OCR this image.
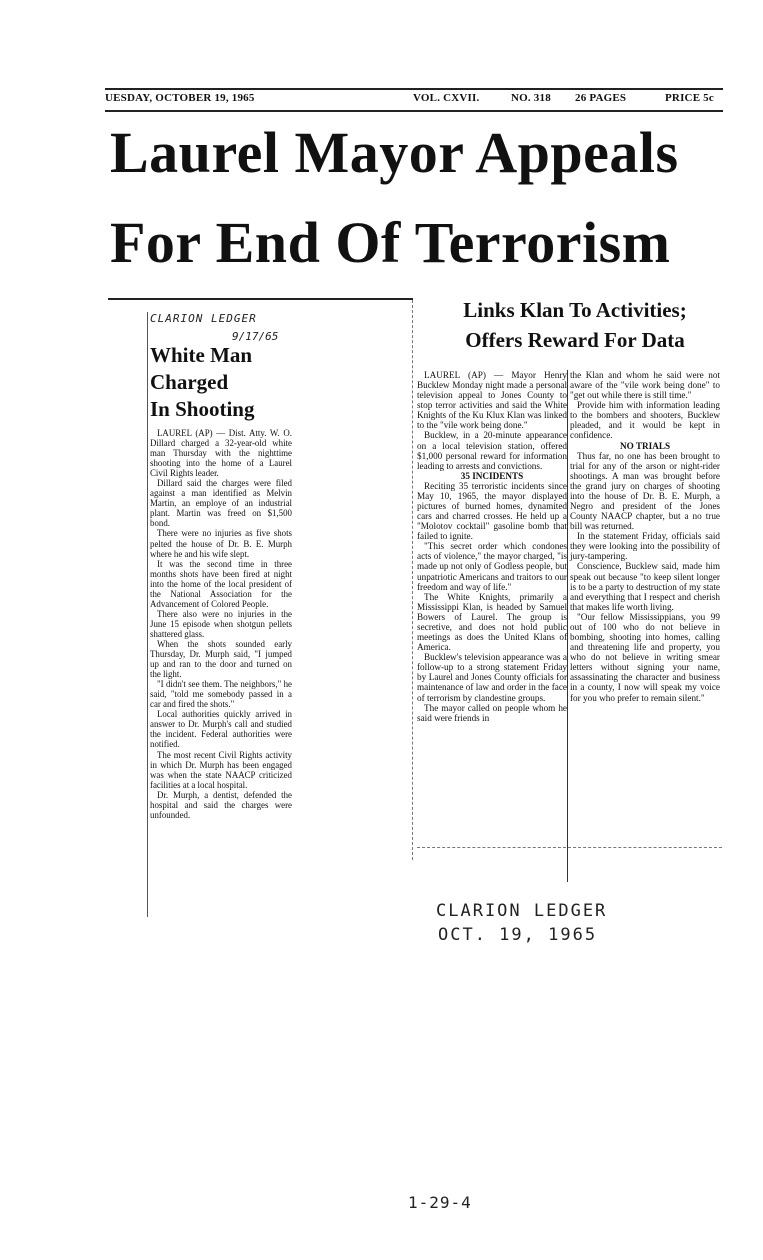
UESDAY, OCTOBER 19, 1965	VOL. CXVII.	NO. 318 26 PAGES	PRICE 5c
Laurel Mayor Appeals
For End Of Terrorism
CLARION LEDGER
9/17/65
White Man
Charged
In Shooting

LAUREL (AP) — Dist. Atty. W. O. Dillard charged a 32-year-old white man Thursday with the nighttime shooting into the home of a Laurel Civil Rights leader.

Dillard said the charges were filed against a man identified as Melvin Martin, an employe of an industrial plant. Martin was freed on $1,500 bond.

There were no injuries as five shots pelted the house of Dr. B. E. Murph where he and his wife slept.

It was the second time in three months shots have been fired at night into the home of the local president of the National Association for the Advancement of Colored People.

There also were no injuries in the June 15 episode when shotgun pellets shattered glass.

When the shots sounded early Thursday, Dr. Murph said, "I jumped up and ran to the door and turned on the light.

"I didn't see them. The neighbors," he said, "told me somebody passed in a car and fired the shots."

Local authorities quickly arrived in answer to Dr. Murph's call and studied the incident. Federal authorities were notified.

The most recent Civil Rights activity in which Dr. Murph has been engaged was when the state NAACP criticized facilities at a local hospital.

Dr. Murph, a dentist, defended the hospital and said the charges were unfounded.

Links Klan To Activities;
Offers Reward For Data

LAUREL (AP) — Mayor Henry Bucklew Monday night made a personal television appeal to Jones County to stop terror activities and said the White Knights of the Ku Klux Klan was linked to the "vile work being done."

Bucklew, in a 20-minute appearance on a local television station, offered $1,000 personal reward for information leading to arrests and convictions.

35 INCIDENTS

Reciting 35 terroristic incidents since May 10, 1965, the mayor displayed pictures of burned homes, dynamited cars and charred crosses. He held up a "Molotov cocktail" gasoline bomb that failed to ignite.

"This secret order which condones acts of violence," the mayor charged, "is made up not only of Godless people, but unpatriotic Americans and traitors to our freedom and way of life."

The White Knights, primarily a Mississippi Klan, is headed by Samuel Bowers of Laurel. The group is secretive, and does not hold public meetings as does the United Klans of America.

Bucklew's television appearance was a follow-up to a strong statement Friday by Laurel and Jones County officials for maintenance of law and order in the face of terrorism by clandestine groups.

The mayor called on people whom he said were friends in

the Klan and whom he said were not aware of the "vile work being done" to "get out while there is still time."

Provide him with information leading to the bombers and shooters, Bucklew pleaded, and it would be kept in confidence.

NO TRIALS

Thus far, no one has been brought to trial for any of the arson or night-rider shootings. A man was brought before the grand jury on charges of shooting into the house of Dr. B. E. Murph, a Negro and president of the Jones County NAACP chapter, but a no true bill was returned.

In the statement Friday, officials said they were looking into the possibility of jury-tampering.

Conscience, Bucklew said, made him speak out because "to keep silent longer is to be a party to destruction of my state and everything that I respect and cherish that makes life worth living.

"Our fellow Mississippians, you 99 out of 100 who do not believe in bombing, shooting into homes, calling and threatening life and property, you who do not believe in writing smear letters without signing your name, assassinating the character and business in a county, I now will speak my voice for you who prefer to remain silent."

CLARION LEDGER
OCT. 19, 1965
1-29-4
